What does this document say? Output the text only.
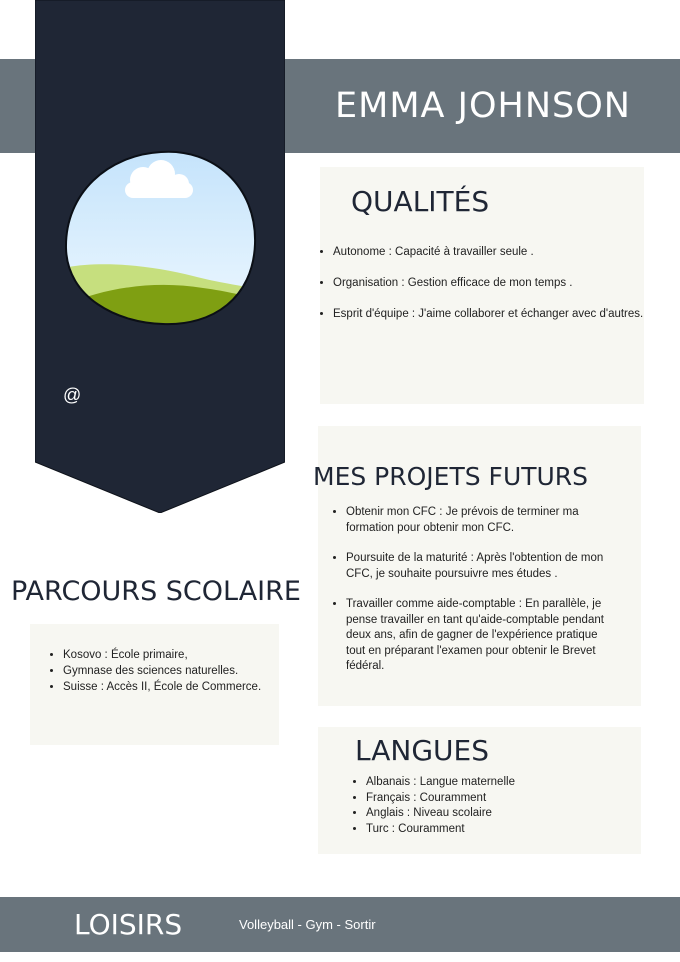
EMMA JOHNSON
@
QUALITÉS
• Autonome : Capacité à travailler seule .
• Organisation : Gestion efficace de mon temps .
• Esprit d'équipe : J'aime collaborer et échanger avec d'autres.
MES PROJETS FUTURS
• Obtenir mon CFC : Je prévois de terminer ma formation pour obtenir mon CFC.
• Poursuite de la maturité : Après l'obtention de mon CFC, je souhaite poursuivre mes études .
• Travailler comme aide-comptable : En parallèle, je pense travailler en tant qu'aide-comptable pendant deux ans, afin de gagner de l'expérience pratique tout en préparant l'examen pour obtenir le Brevet fédéral.
PARCOURS SCOLAIRE
• Kosovo : École primaire,
• Gymnase des sciences naturelles.
• Suisse : Accès II, École de Commerce.
LANGUES
• Albanais : Langue maternelle
• Français : Couramment
• Anglais : Niveau scolaire
• Turc : Couramment
LOISIRS	Volleyball - Gym - Sortir
